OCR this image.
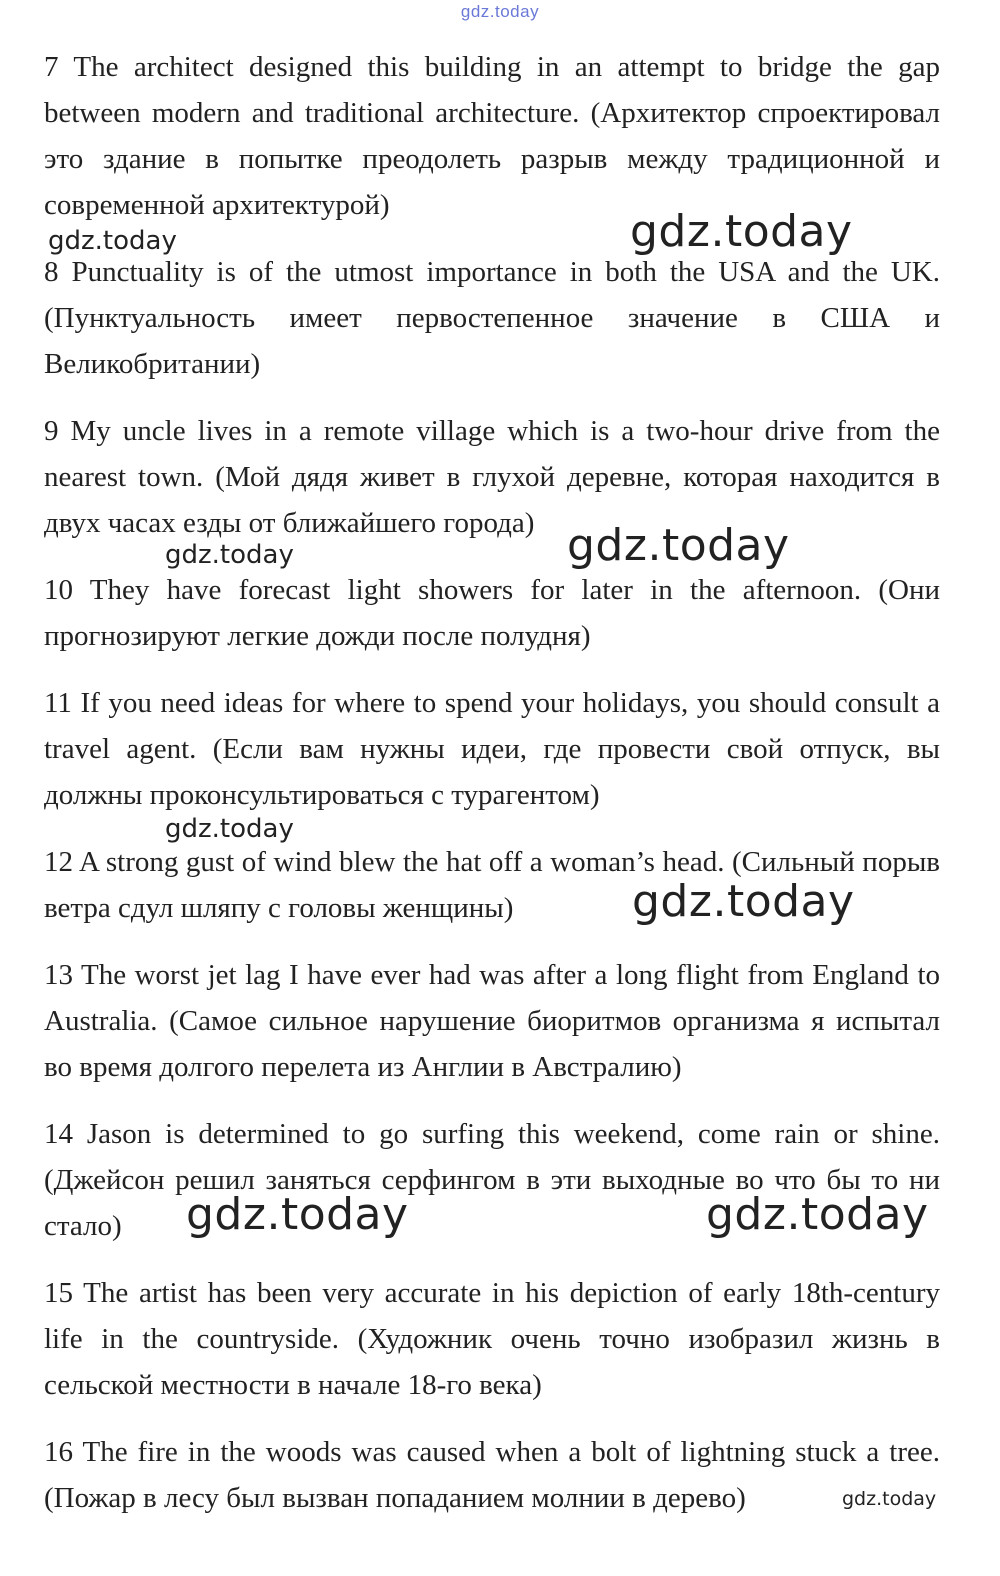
gdz.today

7 The architect designed this building in an attempt to bridge the gap between modern and traditional architecture. (Архитектор спроектировал это здание в попытке преодолеть разрыв между традиционной и современной архитектурой)

8 Punctuality is of the utmost importance in both the USA and the UK. (Пунктуальность имеет первостепенное значение в США и Великобритании)

9 My uncle lives in a remote village which is a two-hour drive from the nearest town. (Мой дядя живет в глухой деревне, которая находится в двух часах езды от ближайшего города)

10 They have forecast light showers for later in the afternoon. (Они прогнозируют легкие дожди после полудня)

11 If you need ideas for where to spend your holidays, you should consult a travel agent. (Если вам нужны идеи, где провести свой отпуск, вы должны проконсультироваться с турагентом)

12 A strong gust of wind blew the hat off a woman’s head. (Сильный порыв ветра сдул шляпу с головы женщины)

13 The worst jet lag I have ever had was after a long flight from England to Australia. (Самое сильное нарушение биоритмов организма я испытал во время долгого перелета из Англии в Австралию)

14 Jason is determined to go surfing this weekend, come rain or shine. (Джейсон решил заняться серфингом в эти выходные во что бы то ни стало)

15 The artist has been very accurate in his depiction of early 18th-century life in the countryside. (Художник очень точно изобразил жизнь в сельской местности в начале 18-го века)

16 The fire in the woods was caused when a bolt of lightning stuck a tree. (Пожар в лесу был вызван попаданием молнии в дерево)

gdz.today	gdz.today
gdz.today	gdz.today
gdz.today
gdz.today
gdz.today	gdz.today
gdz.today
